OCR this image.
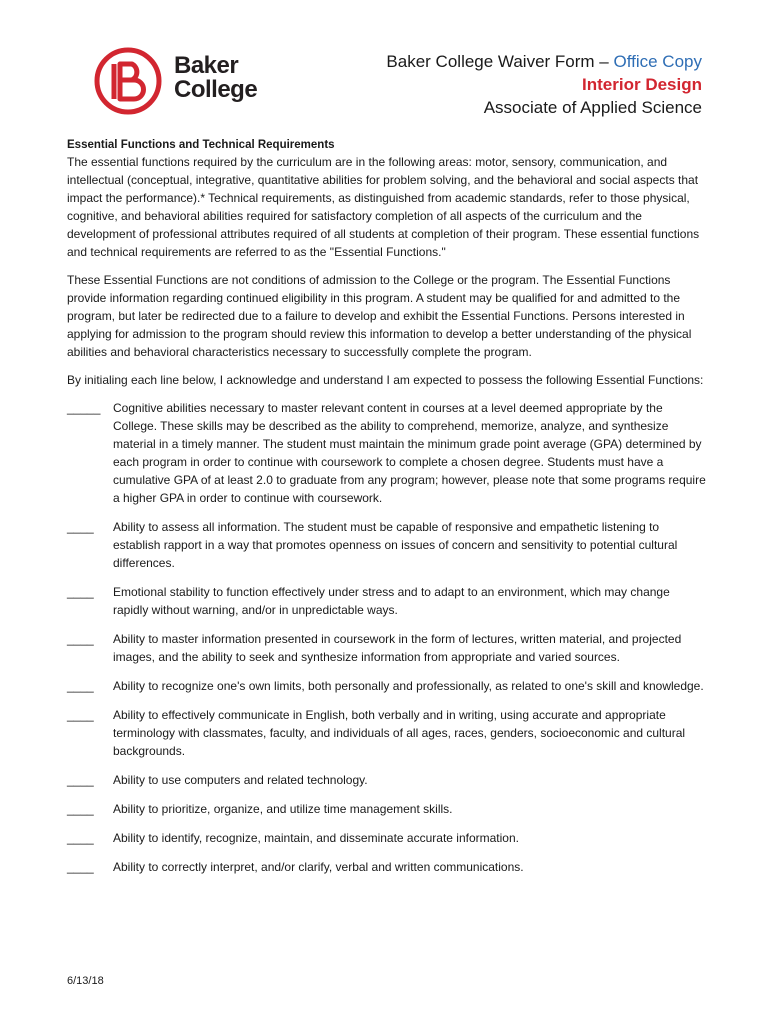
Baker
College
Baker College Waiver Form – Office Copy
Interior Design
Associate of Applied Science

Essential Functions and Technical Requirements

The essential functions required by the curriculum are in the following areas: motor, sensory, communication, and intellectual (conceptual, integrative, quantitative abilities for problem solving, and the behavioral and social aspects that impact the performance).* Technical requirements, as distinguished from academic standards, refer to those physical, cognitive, and behavioral abilities required for satisfactory completion of all aspects of the curriculum and the development of professional attributes required of all students at completion of their program. These essential functions and technical requirements are referred to as the "Essential Functions."

These Essential Functions are not conditions of admission to the College or the program. The Essential Functions provide information regarding continued eligibility in this program. A student may be qualified for and admitted to the program, but later be redirected due to a failure to develop and exhibit the Essential Functions. Persons interested in applying for admission to the program should review this information to develop a better understanding of the physical abilities and behavioral characteristics necessary to successfully complete the program.

By initialing each line below, I acknowledge and understand I am expected to possess the following Essential Functions:

_____	Cognitive abilities necessary to master relevant content in courses at a level deemed appropriate by the College. These skills may be described as the ability to comprehend, memorize, analyze, and synthesize material in a timely manner. The student must maintain the minimum grade point average (GPA) determined by each program in order to continue with coursework to complete a chosen degree. Students must have a cumulative GPA of at least 2.0 to graduate from any program; however, please note that some programs require a higher GPA in order to continue with coursework.
____	Ability to assess all information. The student must be capable of responsive and empathetic listening to establish rapport in a way that promotes openness on issues of concern and sensitivity to potential cultural differences.
____	Emotional stability to function effectively under stress and to adapt to an environment, which may change rapidly without warning, and/or in unpredictable ways.
____	Ability to master information presented in coursework in the form of lectures, written material, and projected images, and the ability to seek and synthesize information from appropriate and varied sources.
____	Ability to recognize one's own limits, both personally and professionally, as related to one's skill and knowledge.
____	Ability to effectively communicate in English, both verbally and in writing, using accurate and appropriate terminology with classmates, faculty, and individuals of all ages, races, genders, socioeconomic and cultural backgrounds.
____	Ability to use computers and related technology.
____	Ability to prioritize, organize, and utilize time management skills.
____	Ability to identify, recognize, maintain, and disseminate accurate information.
____	Ability to correctly interpret, and/or clarify, verbal and written communications.
6/13/18
